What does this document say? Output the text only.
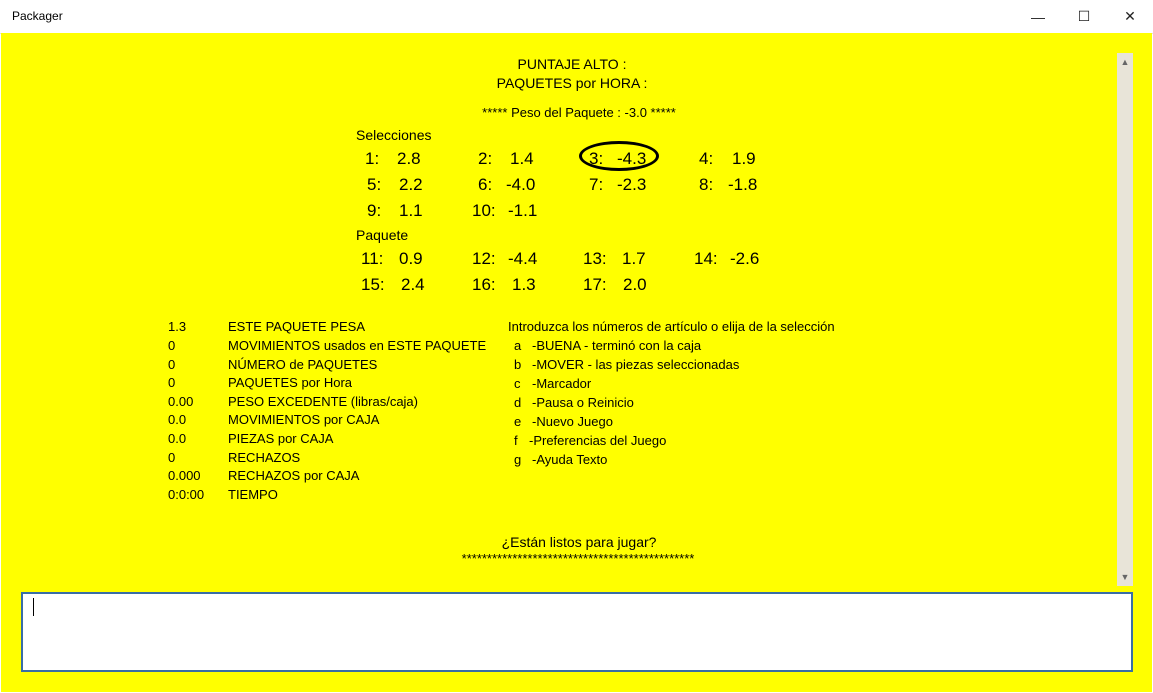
Packager	—	☐	✕
PUNTAJE ALTO :
PAQUETES por HORA :
***** Peso del Paquete : -3.0 *****
Selecciones
1: 2.8	2: 1.4	3: -4.3	4: 1.9
5: 2.2	6: -4.0	7: -2.3	8: -1.8
9: 1.1	10: -1.1
Paquete
11: 0.9	12: -4.4	13: 1.7	14: -2.6
15: 2.4	16: 1.3	17: 2.0
1.3	ESTE PAQUETE PESA
0	MOVIMIENTOS usados en ESTE PAQUETE
0	NÚMERO de PAQUETES
0	PAQUETES por Hora
0.00	PESO EXCEDENTE (libras/caja)
0.0	MOVIMIENTOS por CAJA
0.0	PIEZAS por CAJA
0	RECHAZOS
0.000 RECHAZOS por CAJA
0:0:00 TIEMPO
Introduzca los números de artículo o elija de la selección
a -BUENA - terminó con la caja
b -MOVER - las piezas seleccionadas
c -Marcador
d -Pausa o Reinicio
e -Nuevo Juego
f -Preferencias del Juego
g -Ayuda Texto
¿Están listos para jugar?
**********************************************
▲
▼
